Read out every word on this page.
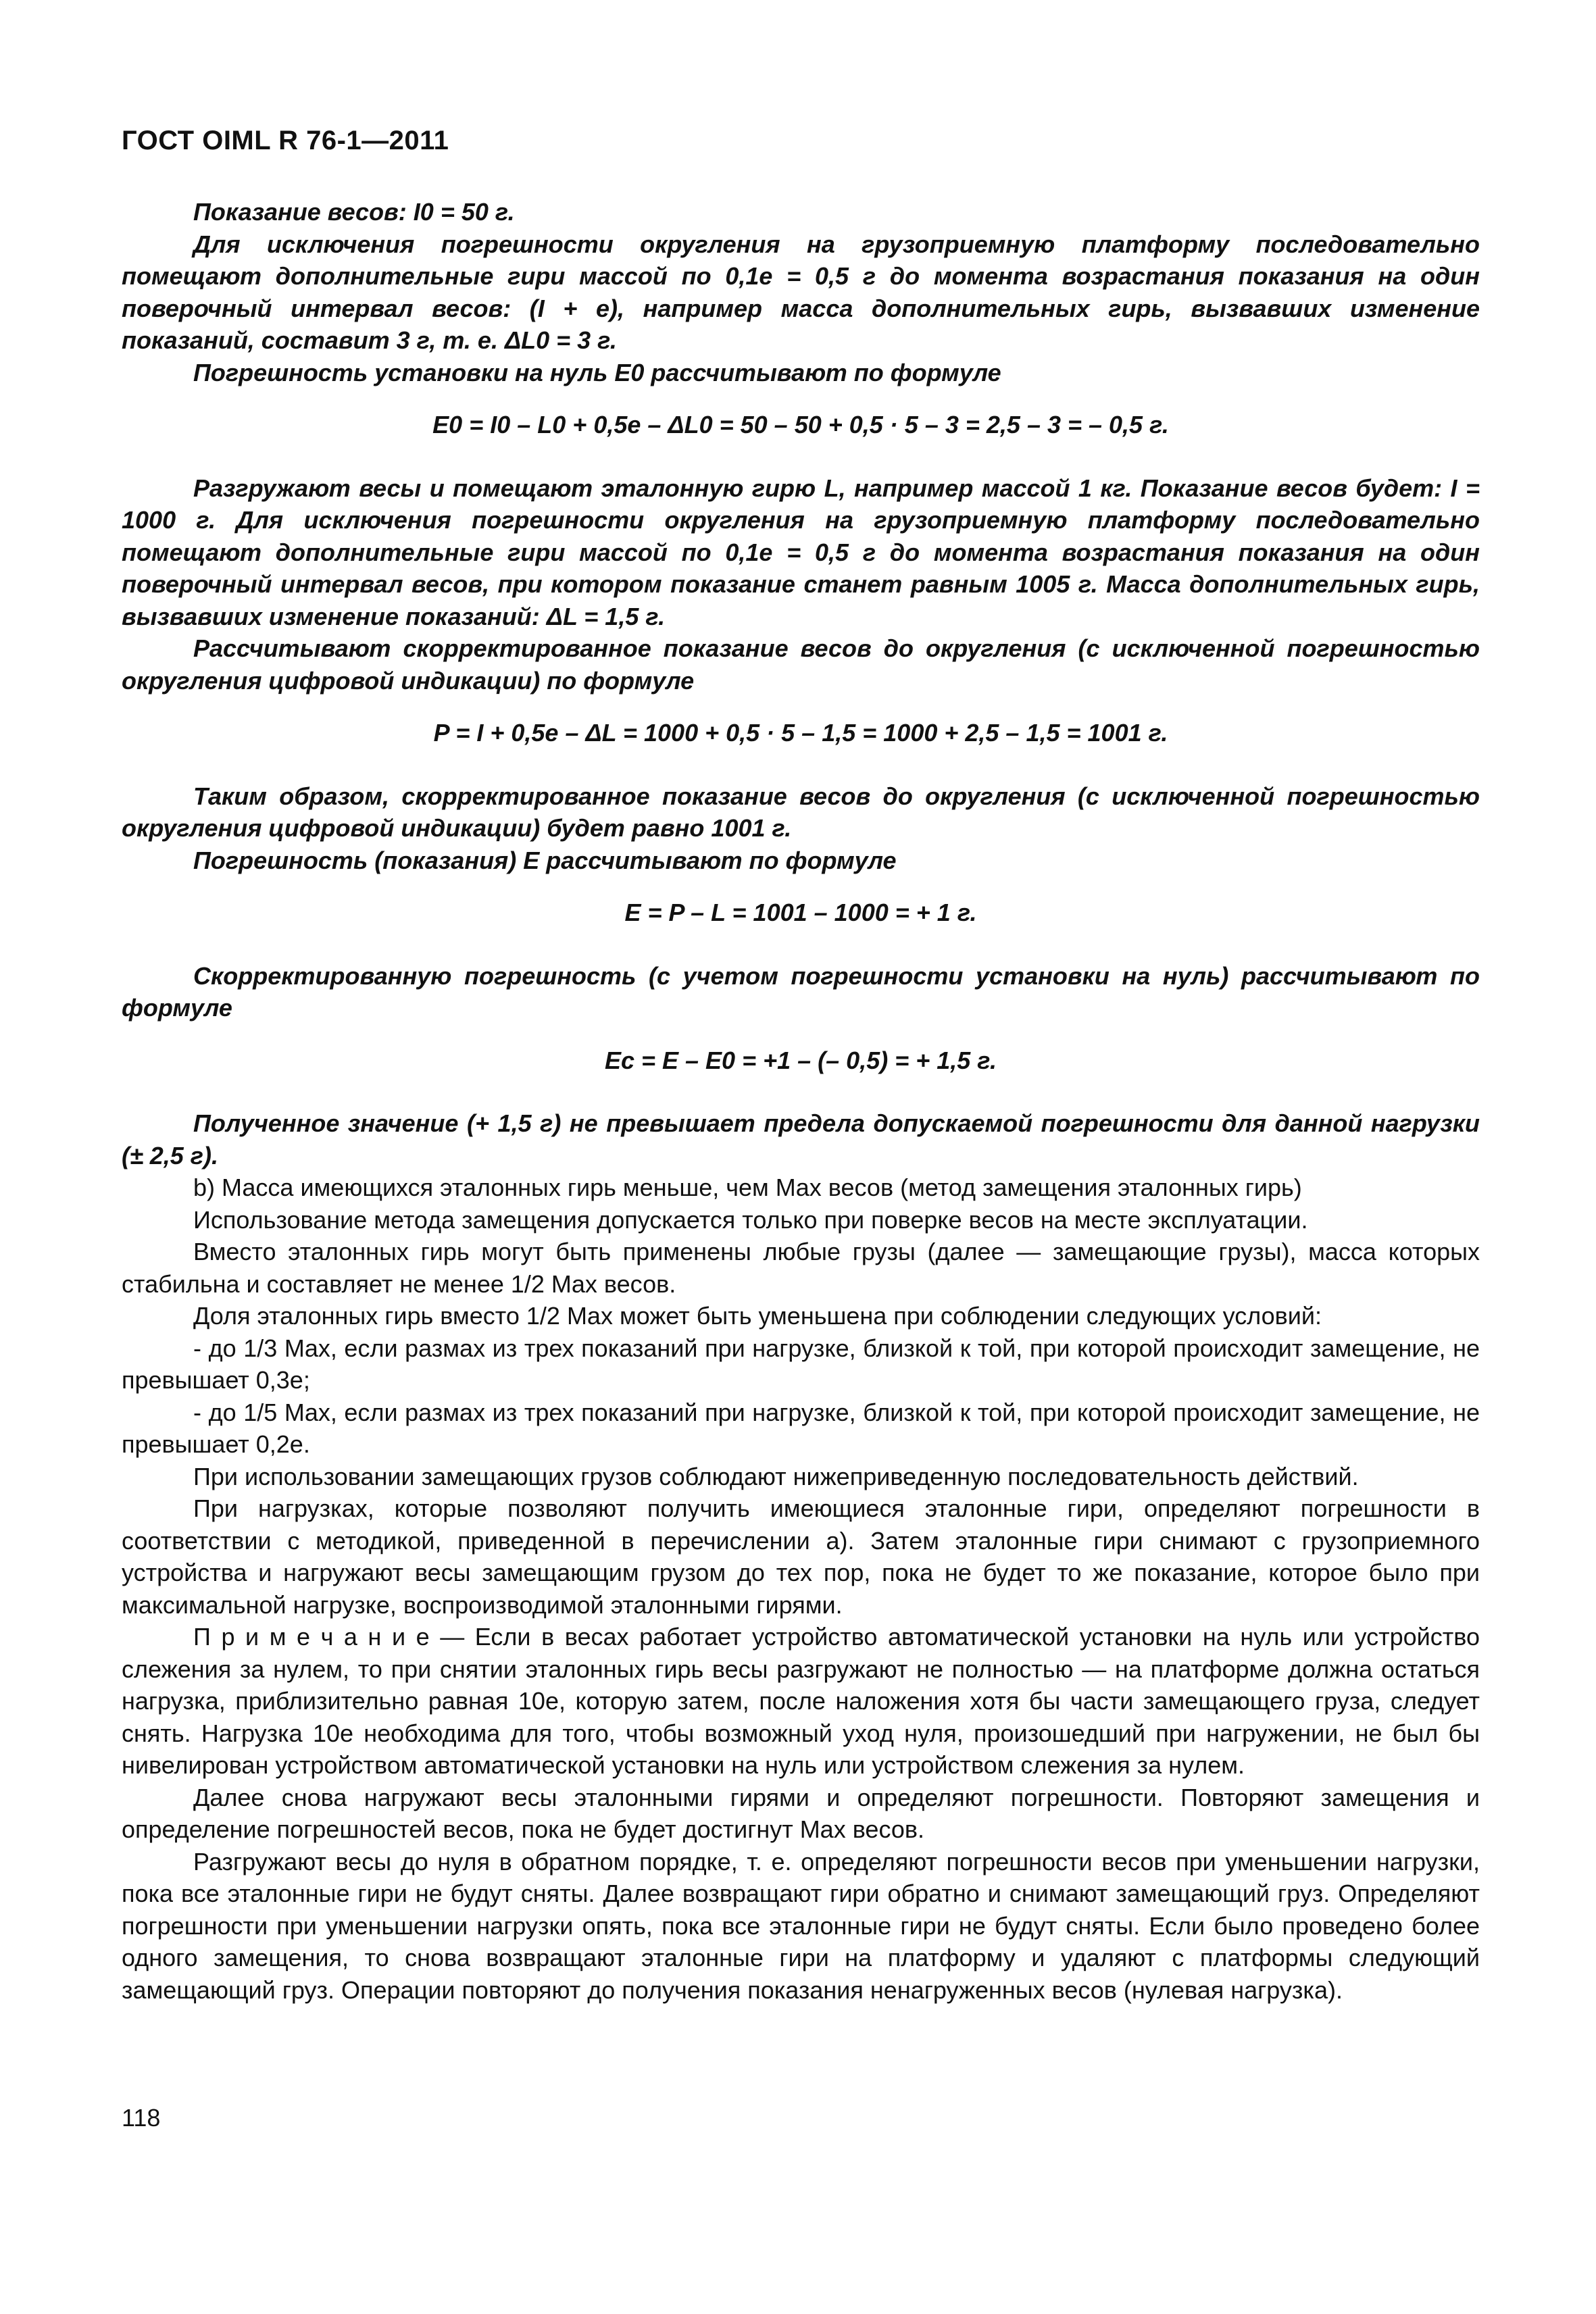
ГОСТ OIML R 76-1—2011

Показание весов: I0 = 50 г.

Для исключения погрешности округления на грузоприемную платформу последовательно помещают дополнительные гири массой по 0,1e = 0,5 г до момента возрастания показания на один поверочный интервал весов: (I + e), например масса дополнительных гирь, вызвавших изменение показаний, составит 3 г, т. е. ΔL0 = 3 г.

Погрешность установки на нуль E0 рассчитывают по формуле

E0 = I0 – L0 + 0,5e – ΔL0 = 50 – 50 + 0,5 · 5 – 3 = 2,5 – 3 = – 0,5 г.

Разгружают весы и помещают эталонную гирю L, например массой 1 кг. Показание весов будет: I = 1000 г. Для исключения погрешности округления на грузоприемную платформу последовательно помещают дополнительные гири массой по 0,1e = 0,5 г до момента возрастания показания на один поверочный интервал весов, при котором показание станет равным 1005 г. Масса дополнительных гирь, вызвавших изменение показаний: ΔL = 1,5 г.

Рассчитывают скорректированное показание весов до округления (с исключенной погрешностью округления цифровой индикации) по формуле

P = I + 0,5e – ΔL = 1000 + 0,5 · 5 – 1,5 = 1000 + 2,5 – 1,5 = 1001 г.

Таким образом, скорректированное показание весов до округления (с исключенной погрешностью округления цифровой индикации) будет равно 1001 г.

Погрешность (показания) E рассчитывают по формуле

E = P – L = 1001 – 1000 = + 1 г.

Скорректированную погрешность (с учетом погрешности установки на нуль) рассчитывают по формуле

Ec = E – E0 = +1 – (– 0,5) = + 1,5 г.

Полученное значение (+ 1,5 г) не превышает предела допускаемой погрешности для данной нагрузки (± 2,5 г).

b) Масса имеющихся эталонных гирь меньше, чем Max весов (метод замещения эталонных гирь)

Использование метода замещения допускается только при поверке весов на месте эксплуатации.

Вместо эталонных гирь могут быть применены любые грузы (далее — замещающие грузы), масса которых стабильна и составляет не менее 1/2 Max весов.

Доля эталонных гирь вместо 1/2 Max может быть уменьшена при соблюдении следующих условий:

- до 1/3 Max, если размах из трех показаний при нагрузке, близкой к той, при которой происходит замещение, не превышает 0,3e;

- до 1/5 Max, если размах из трех показаний при нагрузке, близкой к той, при которой происходит замещение, не превышает 0,2e.

При использовании замещающих грузов соблюдают нижеприведенную последовательность действий.

При нагрузках, которые позволяют получить имеющиеся эталонные гири, определяют погрешности в соответствии с методикой, приведенной в перечислении а). Затем эталонные гири снимают с грузоприемного устройства и нагружают весы замещающим грузом до тех пор, пока не будет то же показание, которое было при максимальной нагрузке, воспроизводимой эталонными гирями.

П р и м е ч а н и е — Если в весах работает устройство автоматической установки на нуль или устройство слежения за нулем, то при снятии эталонных гирь весы разгружают не полностью — на платформе должна остаться нагрузка, приблизительно равная 10e, которую затем, после наложения хотя бы части замещающего груза, следует снять. Нагрузка 10e необходима для того, чтобы возможный уход нуля, произошедший при нагружении, не был бы нивелирован устройством автоматической установки на нуль или устройством слежения за нулем.

Далее снова нагружают весы эталонными гирями и определяют погрешности. Повторяют замещения и определение погрешностей весов, пока не будет достигнут Max весов.

Разгружают весы до нуля в обратном порядке, т. е. определяют погрешности весов при уменьшении нагрузки, пока все эталонные гири не будут сняты. Далее возвращают гири обратно и снимают замещающий груз. Определяют погрешности при уменьшении нагрузки опять, пока все эталонные гири не будут сняты. Если было проведено более одного замещения, то снова возвращают эталонные гири на платформу и удаляют с платформы следующий замещающий груз. Операции повторяют до получения показания ненагруженных весов (нулевая нагрузка).

118
